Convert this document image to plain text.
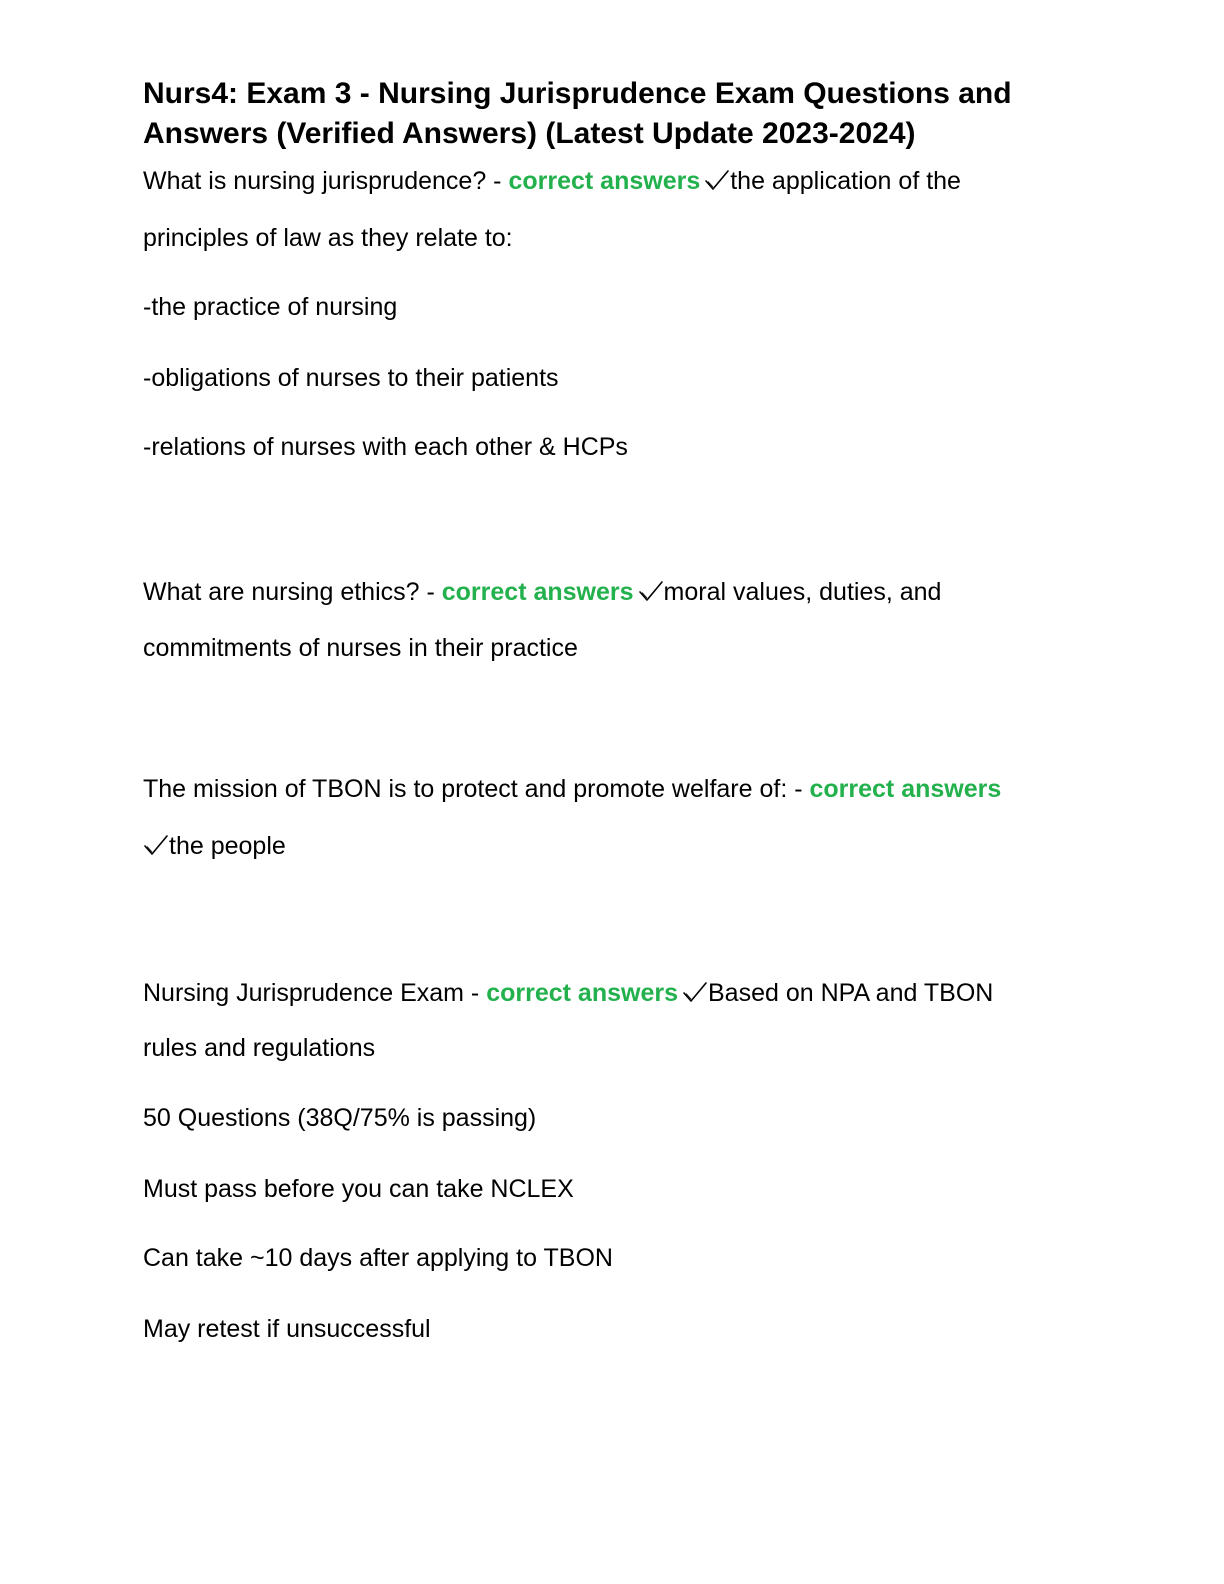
Nurs4: Exam 3 - Nursing Jurisprudence Exam Questions and Answers (Verified Answers) (Latest Update 2023-2024)
What is nursing jurisprudence? - correct answers the application of the
principles of law as they relate to:
-the practice of nursing
-obligations of nurses to their patients
-relations of nurses with each other & HCPs
What are nursing ethics? - correct answers moral values, duties, and
commitments of nurses in their practice
The mission of TBON is to protect and promote welfare of: - correct answers
the people
Nursing Jurisprudence Exam - correct answers Based on NPA and TBON
rules and regulations
50 Questions (38Q/75% is passing)
Must pass before you can take NCLEX
Can take ~10 days after applying to TBON
May retest if unsuccessful
